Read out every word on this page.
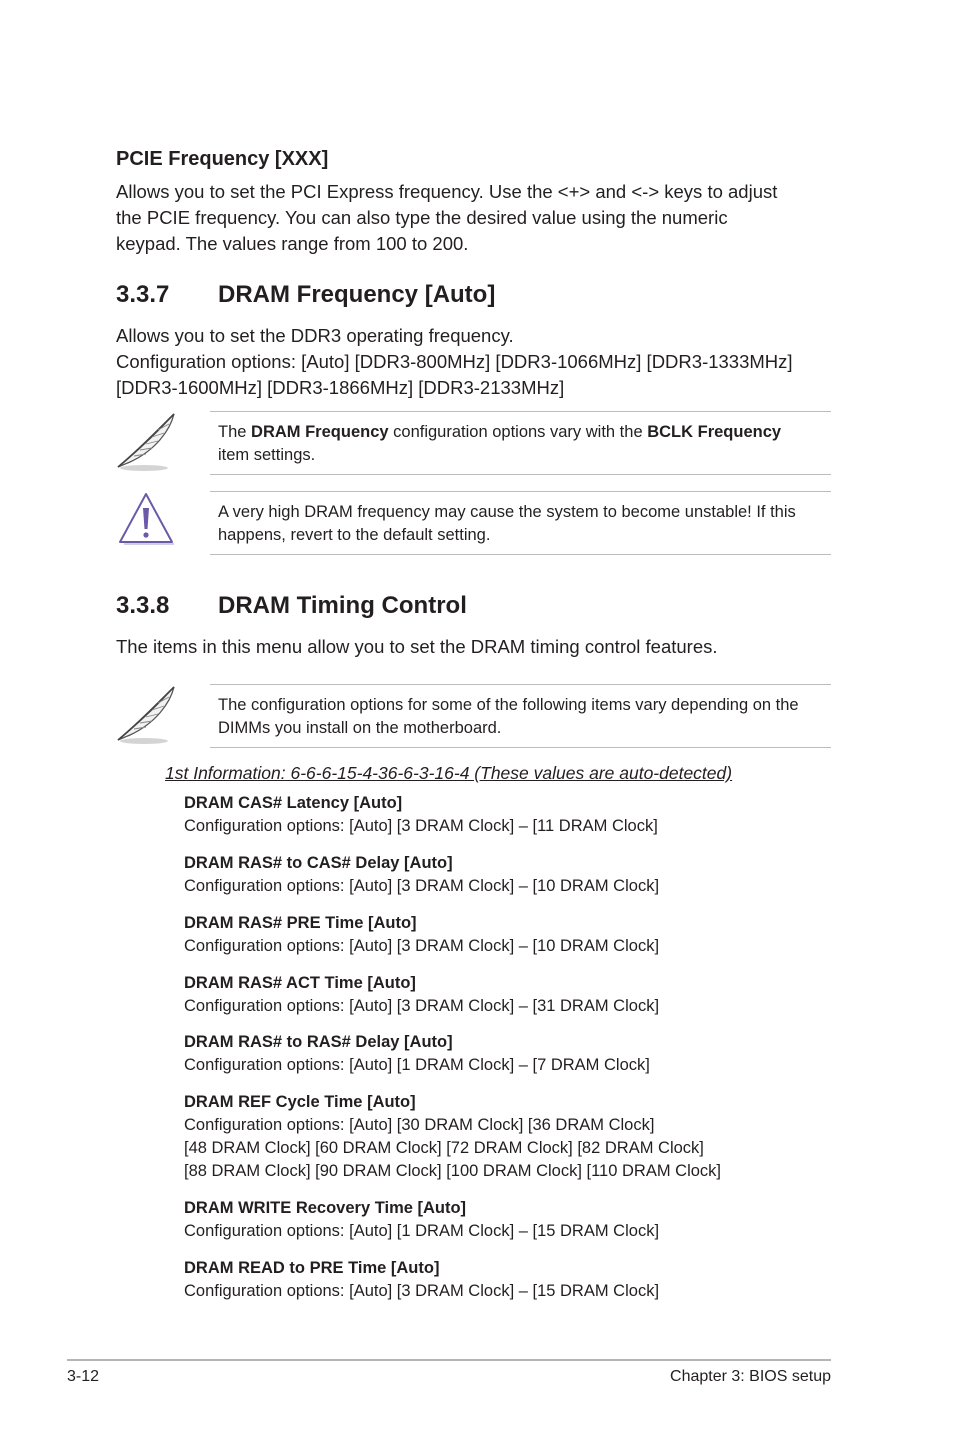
PCIE Frequency [XXX]
Allows you to set the PCI Express frequency. Use the <+> and <-> keys to adjust
the PCIE frequency. You can also type the desired value using the numeric
keypad. The values range from 100 to 200.
3.3.7 DRAM Frequency [Auto]
Allows you to set the DDR3 operating frequency.
Configuration options: [Auto] [DDR3-800MHz] [DDR3-1066MHz] [DDR3-1333MHz]
[DDR3-1600MHz] [DDR3-1866MHz] [DDR3-2133MHz]
The DRAM Frequency configuration options vary with the BCLK Frequency
item settings.
A very high DRAM frequency may cause the system to become unstable! If this
happens, revert to the default setting.
3.3.8 DRAM Timing Control
The items in this menu allow you to set the DRAM timing control features.
The configuration options for some of the following items vary depending on the
DIMMs you install on the motherboard.
1st Information: 6-6-6-15-4-36-6-3-16-4 (These values are auto-detected)
DRAM CAS# Latency [Auto]
Configuration options: [Auto] [3 DRAM Clock] – [11 DRAM Clock]
DRAM RAS# to CAS# Delay [Auto]
Configuration options: [Auto] [3 DRAM Clock] – [10 DRAM Clock]
DRAM RAS# PRE Time [Auto]
Configuration options: [Auto] [3 DRAM Clock] – [10 DRAM Clock]
DRAM RAS# ACT Time [Auto]
Configuration options: [Auto] [3 DRAM Clock] – [31 DRAM Clock]
DRAM RAS# to RAS# Delay [Auto]
Configuration options: [Auto] [1 DRAM Clock] – [7 DRAM Clock]
DRAM REF Cycle Time [Auto]
Configuration options: [Auto] [30 DRAM Clock] [36 DRAM Clock]
[48 DRAM Clock] [60 DRAM Clock] [72 DRAM Clock] [82 DRAM Clock]
[88 DRAM Clock] [90 DRAM Clock] [100 DRAM Clock] [110 DRAM Clock]
DRAM WRITE Recovery Time [Auto]
Configuration options: [Auto] [1 DRAM Clock] – [15 DRAM Clock]
DRAM READ to PRE Time [Auto]
Configuration options: [Auto] [3 DRAM Clock] – [15 DRAM Clock]
3-12	Chapter 3: BIOS setup
